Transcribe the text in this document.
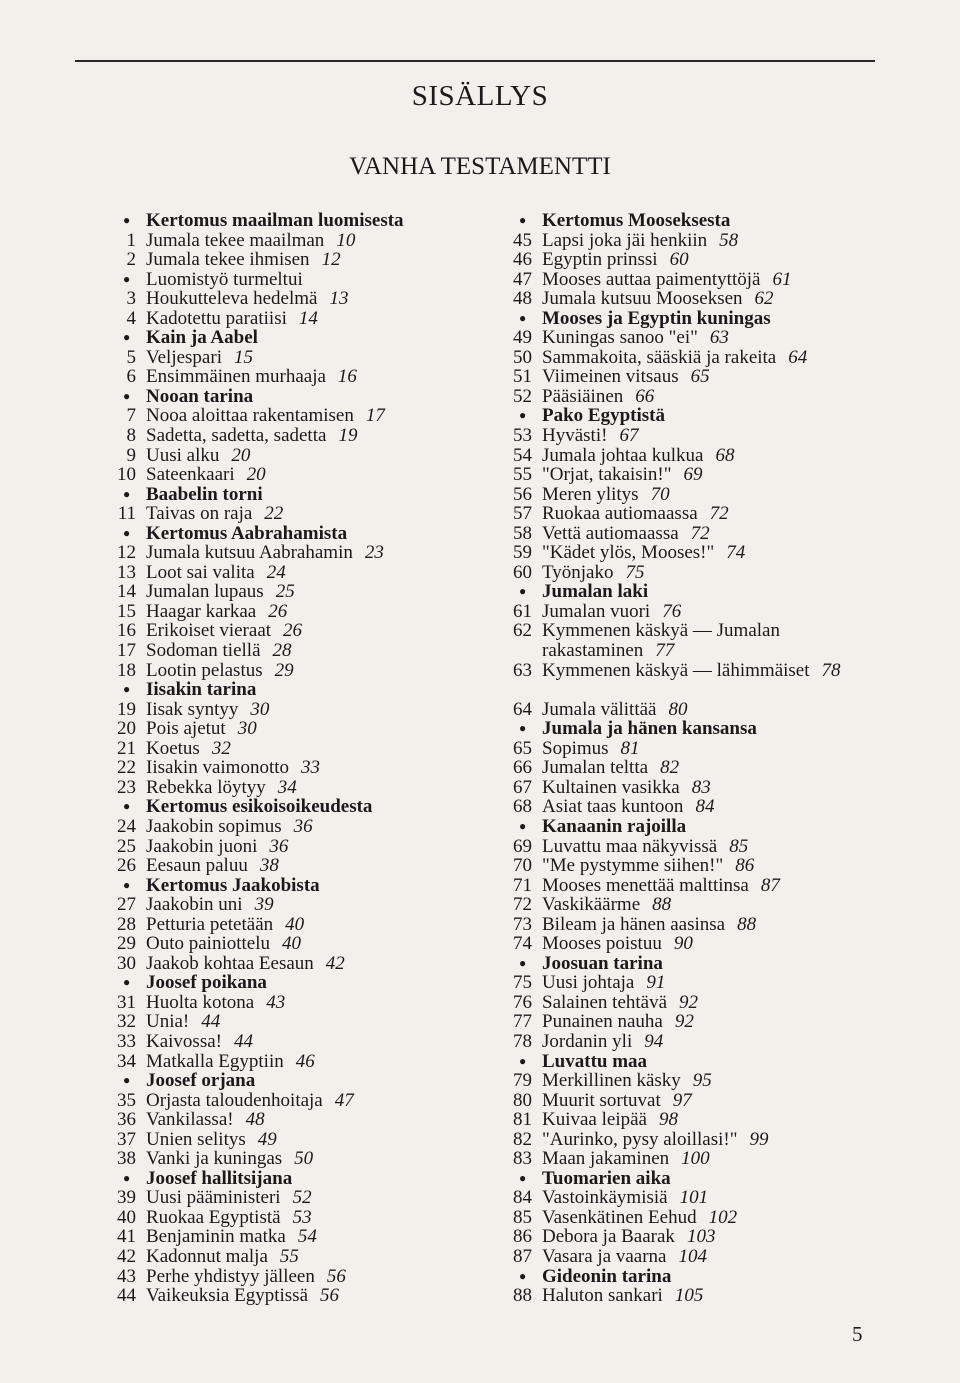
SISÄLLYS
VANHA TESTAMENTTI
● Kertomus maailman luomisesta
1 Jumala tekee maailman 10
2 Jumala tekee ihmisen 12
● Luomistyö turmeltui
3 Houkutteleva hedelmä 13
4 Kadotettu paratiisi 14
● Kain ja Aabel
5 Veljespari 15
6 Ensimmäinen murhaaja 16
● Nooan tarina
7 Nooa aloittaa rakentamisen 17
8 Sadetta, sadetta, sadetta 19
9 Uusi alku 20
10 Sateenkaari 20
● Baabelin torni
11 Taivas on raja 22
● Kertomus Aabrahamista
12 Jumala kutsuu Aabrahamin 23
13 Loot sai valita 24
14 Jumalan lupaus 25
15 Haagar karkaa 26
16 Erikoiset vieraat 26
17 Sodoman tiellä 28
18 Lootin pelastus 29
● Iisakin tarina
19 Iisak syntyy 30
20 Pois ajetut 30
21 Koetus 32
22 Iisakin vaimonotto 33
23 Rebekka löytyy 34
● Kertomus esikoisoikeudesta
24 Jaakobin sopimus 36
25 Jaakobin juoni 36
26 Eesaun paluu 38
● Kertomus Jaakobista
27 Jaakobin uni 39
28 Petturia petetään 40
29 Outo painiottelu 40
30 Jaakob kohtaa Eesaun 42
● Joosef poikana
31 Huolta kotona 43
32 Unia! 44
33 Kaivossa! 44
34 Matkalla Egyptiin 46
● Joosef orjana
35 Orjasta taloudenhoitaja 47
36 Vankilassa! 48
37 Unien selitys 49
38 Vanki ja kuningas 50
● Joosef hallitsijana
39 Uusi pääministeri 52
40 Ruokaa Egyptistä 53
41 Benjaminin matka 54
42 Kadonnut malja 55
43 Perhe yhdistyy jälleen 56
44 Vaikeuksia Egyptissä 56
● Kertomus Mooseksesta
45 Lapsi joka jäi henkiin 58
46 Egyptin prinssi 60
47 Mooses auttaa paimentyttöjä 61
48 Jumala kutsuu Mooseksen 62
● Mooses ja Egyptin kuningas
49 Kuningas sanoo "ei" 63
50 Sammakoita, sääskiä ja rakeita 64
51 Viimeinen vitsaus 65
52 Pääsiäinen 66
● Pako Egyptistä
53 Hyvästi! 67
54 Jumala johtaa kulkua 68
55 "Orjat, takaisin!" 69
56 Meren ylitys 70
57 Ruokaa autiomaassa 72
58 Vettä autiomaassa 72
59 "Kädet ylös, Mooses!" 74
60 Työnjako 75
● Jumalan laki
61 Jumalan vuori 76
62 Kymmenen käskyä — Jumalan rakastaminen 77
63 Kymmenen käskyä — lähimmäiset 78
64 Jumala välittää 80
● Jumala ja hänen kansansa
65 Sopimus 81
66 Jumalan teltta 82
67 Kultainen vasikka 83
68 Asiat taas kuntoon 84
● Kanaanin rajoilla
69 Luvattu maa näkyvissä 85
70 "Me pystymme siihen!" 86
71 Mooses menettää malttinsa 87
72 Vaskikäärme 88
73 Bileam ja hänen aasinsa 88
74 Mooses poistuu 90
● Joosuan tarina
75 Uusi johtaja 91
76 Salainen tehtävä 92
77 Punainen nauha 92
78 Jordanin yli 94
● Luvattu maa
79 Merkillinen käsky 95
80 Muurit sortuvat 97
81 Kuivaa leipää 98
82 "Aurinko, pysy aloillasi!" 99
83 Maan jakaminen 100
● Tuomarien aika
84 Vastoinkäymisiä 101
85 Vasenkätinen Eehud 102
86 Debora ja Baarak 103
87 Vasara ja vaarna 104
● Gideonin tarina
88 Haluton sankari 105
5
